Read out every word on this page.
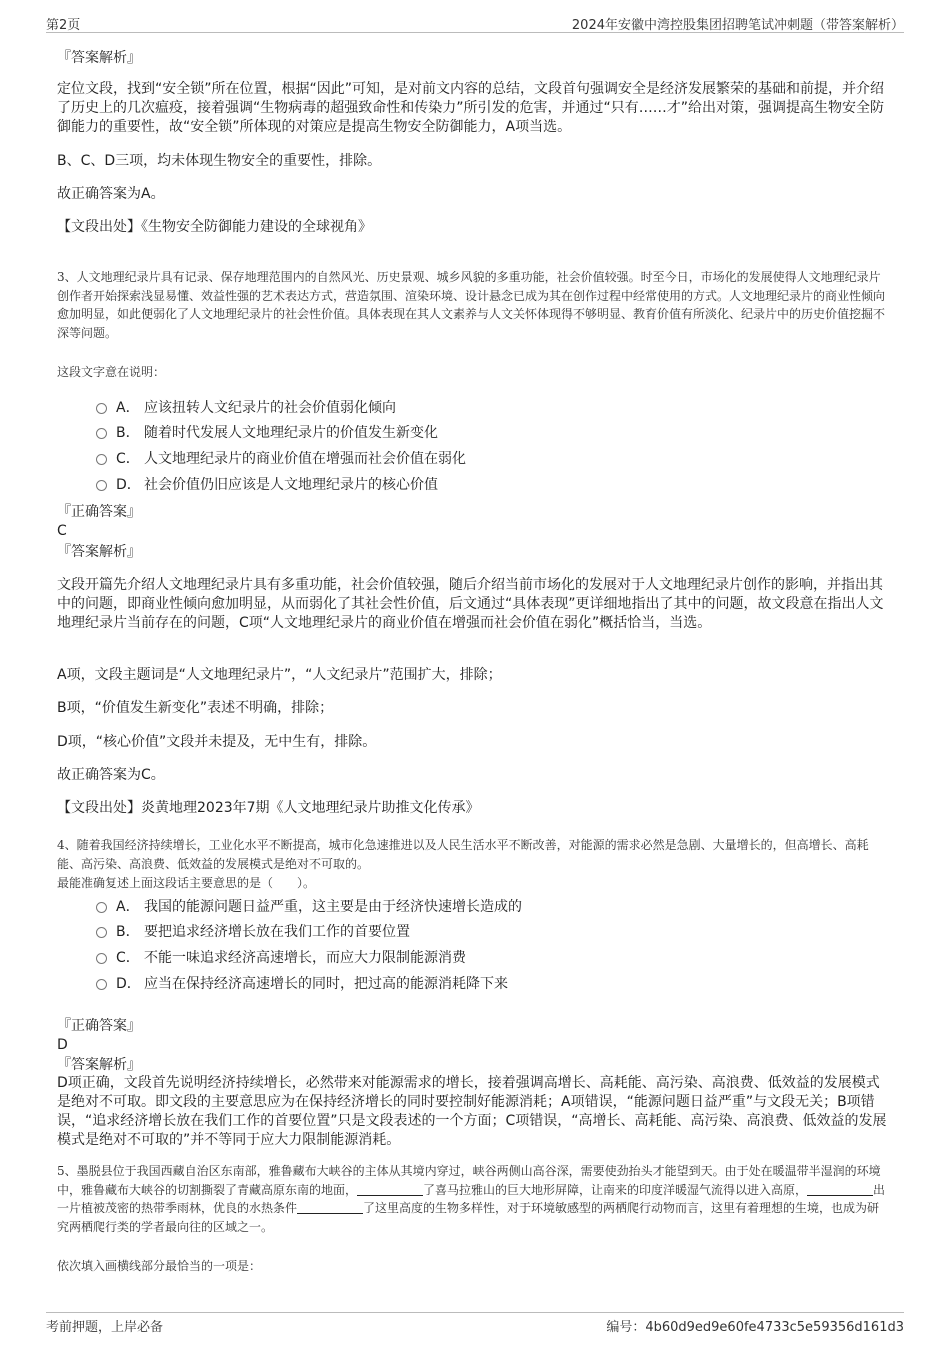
第2页	2024年安徽中湾控股集团招聘笔试冲刺题（带答案解析）
『答案解析』
定位文段，找到“安全锁”所在位置，根据“因此”可知，是对前文内容的总结，文段首句强调安全是经济发展繁荣的基础和前提，并介绍了历史上的几次瘟疫，接着强调“生物病毒的超强致命性和传染力”所引发的危害，并通过“只有……才”给出对策，强调提高生物安全防御能力的重要性，故“安全锁”所体现的对策应是提高生物安全防御能力，A项当选。
B、C、D三项，均未体现生物安全的重要性，排除。
故正确答案为A。
【文段出处】《生物安全防御能力建设的全球视角》
3、人文地理纪录片具有记录、保存地理范围内的自然风光、历史景观、城乡风貌的多重功能，社会价值较强。时至今日，市场化的发展使得人文地理纪录片创作者开始探索浅显易懂、效益性强的艺术表达方式，营造氛围、渲染环境、设计悬念已成为其在创作过程中经常使用的方式。人文地理纪录片的商业性倾向愈加明显，如此便弱化了人文地理纪录片的社会性价值。具体表现在其人文素养与人文关怀体现得不够明显、教育价值有所淡化、纪录片中的历史价值挖掘不深等问题。
这段文字意在说明：
A． 应该扭转人文纪录片的社会价值弱化倾向
B． 随着时代发展人文地理纪录片的价值发生新变化
C． 人文地理纪录片的商业价值在增强而社会价值在弱化
D． 社会价值仍旧应该是人文地理纪录片的核心价值
『正确答案』
C
『答案解析』
文段开篇先介绍人文地理纪录片具有多重功能，社会价值较强，随后介绍当前市场化的发展对于人文地理纪录片创作的影响，并指出其中的问题，即商业性倾向愈加明显，从而弱化了其社会性价值，后文通过“具体表现”更详细地指出了其中的问题，故文段意在指出人文地理纪录片当前存在的问题，C项“人文地理纪录片的商业价值在增强而社会价值在弱化”概括恰当，当选。
A项，文段主题词是“人文地理纪录片”，“人文纪录片”范围扩大，排除；
B项，“价值发生新变化”表述不明确，排除；
D项，“核心价值”文段并未提及，无中生有，排除。
故正确答案为C。
【文段出处】炎黄地理2023年7期《人文地理纪录片助推文化传承》
4、随着我国经济持续增长，工业化水平不断提高，城市化急速推进以及人民生活水平不断改善，对能源的需求必然是急剧、大量增长的，但高增长、高耗能、高污染、高浪费、低效益的发展模式是绝对不可取的。
最能准确复述上面这段话主要意思的是（　　）。
A． 我国的能源问题日益严重，这主要是由于经济快速增长造成的
B． 要把追求经济增长放在我们工作的首要位置
C． 不能一味追求经济高速增长，而应大力限制能源消费
D． 应当在保持经济高速增长的同时，把过高的能源消耗降下来
『正确答案』
D
『答案解析』
D项正确，文段首先说明经济持续增长，必然带来对能源需求的增长，接着强调高增长、高耗能、高污染、高浪费、低效益的发展模式是绝对不可取。即文段的主要意思应为在保持经济增长的同时要控制好能源消耗；A项错误，“能源问题日益严重”与文段无关；B项错误，“追求经济增长放在我们工作的首要位置”只是文段表述的一个方面；C项错误，“高增长、高耗能、高污染、高浪费、低效益的发展模式是绝对不可取的”并不等同于应大力限制能源消耗。
5、墨脱县位于我国西藏自治区东南部，雅鲁藏布大峡谷的主体从其境内穿过，峡谷两侧山高谷深，需要使劲抬头才能望到天。由于处在暖温带半湿润的环境中，雅鲁藏布大峡谷的切割撕裂了青藏高原东南的地面，	了喜马拉雅山的巨大地形屏障，让南来的印度洋暖湿气流得以进入高原，	出一片植被茂密的热带季雨林，优良的水热条件	了这里高度的生物多样性，对于环境敏感型的两栖爬行动物而言，这里有着理想的生境，也成为研究两栖爬行类的学者最向往的区域之一。
依次填入画横线部分最恰当的一项是：
考前押题，上岸必备	编号：4b60d9ed9e60fe4733c5e59356d161d3
